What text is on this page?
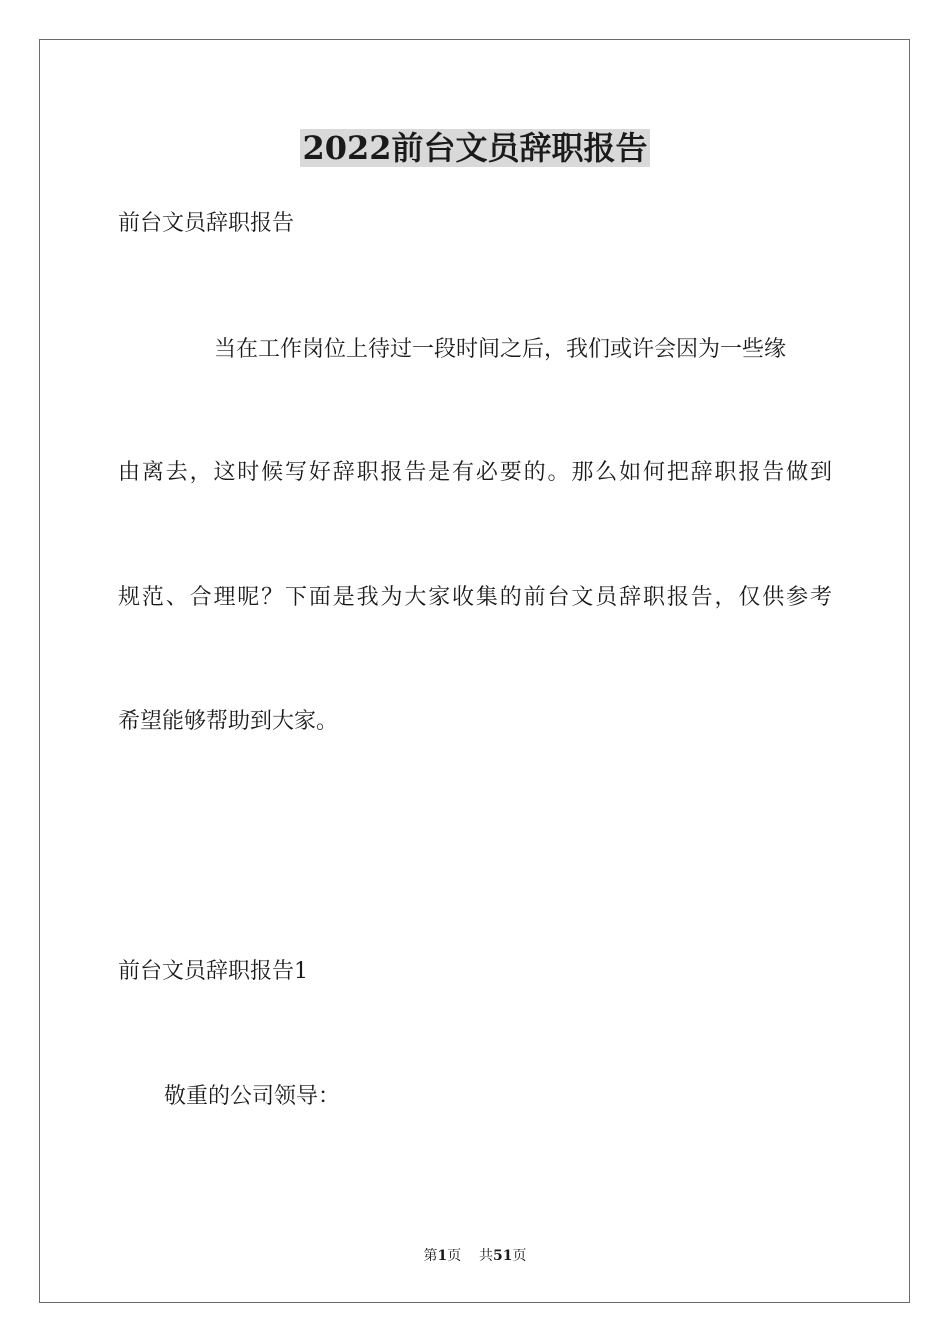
2022前台文员辞职报告

前台文员辞职报告

当在工作岗位上待过一段时间之后，我们或许会因为一些缘

由离去，这时候写好辞职报告是有必要的。那么如何把辞职报告做到

规范、合理呢？下面是我为大家收集的前台文员辞职报告，仅供参考

希望能够帮助到大家。

前台文员辞职报告1

敬重的公司领导：

第1页 共51页
